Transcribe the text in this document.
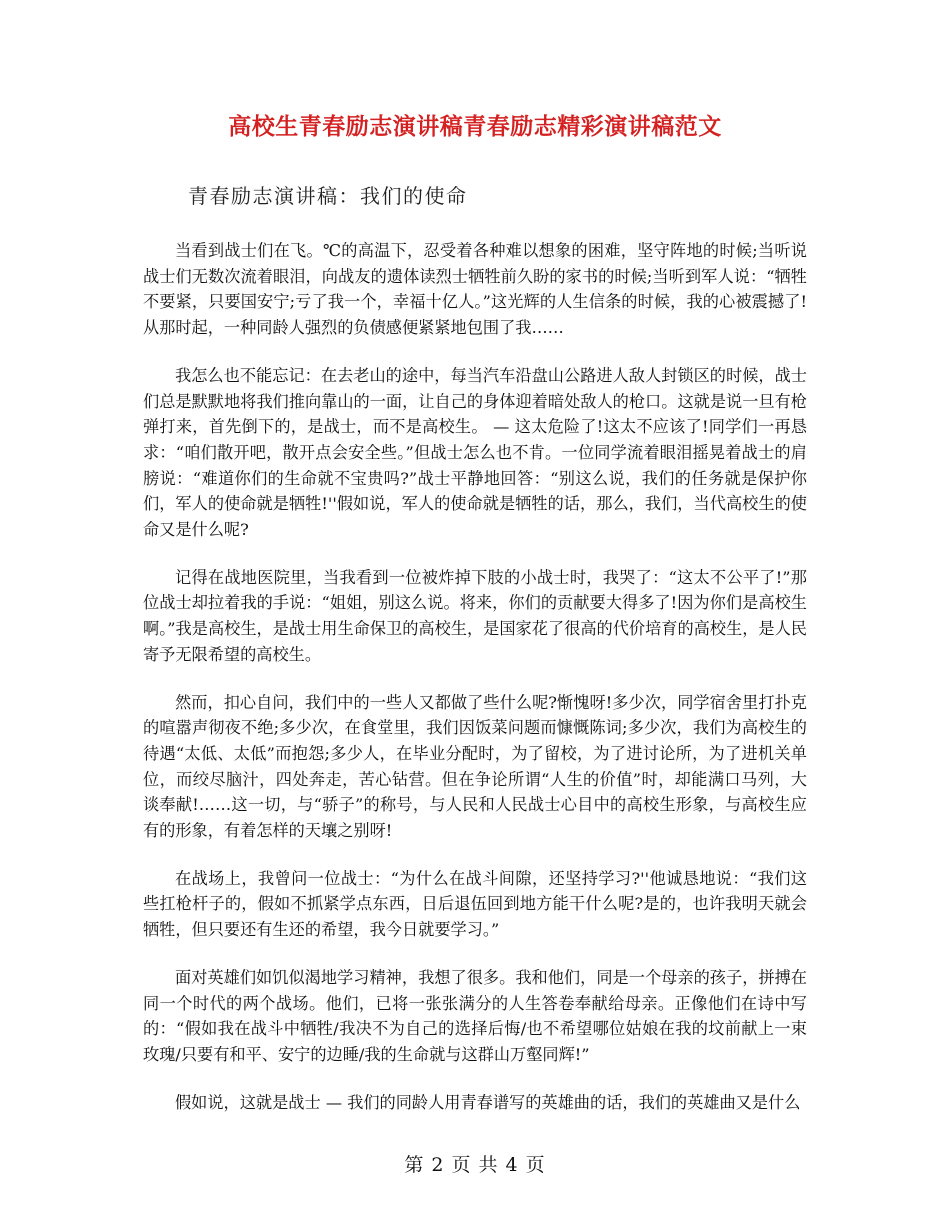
高校生青春励志演讲稿青春励志精彩演讲稿范文
青春励志演讲稿：我们的使命

当看到战士们在飞。℃的高温下，忍受着各种难以想象的困难，坚守阵地的时候;当听说战士们无数次流着眼泪，向战友的遗体读烈士牺牲前久盼的家书的时候;当听到军人说：“牺牲不要紧，只要国安宁;亏了我一个，幸福十亿人。”这光辉的人生信条的时候，我的心被震撼了!从那时起，一种同龄人强烈的负债感便紧紧地包围了我……

我怎么也不能忘记：在去老山的途中，每当汽车沿盘山公路进人敌人封锁区的时候，战士们总是默默地将我们推向靠山的一面，让自己的身体迎着暗处敌人的枪口。这就是说一旦有枪弹打来，首先倒下的，是战士，而不是高校生。 — 这太危险了!这太不应该了!同学们一再恳求：“咱们散开吧，散开点会安全些。”但战士怎么也不肯。一位同学流着眼泪摇晃着战士的肩膀说：“难道你们的生命就不宝贵吗?”战士平静地回答：“别这么说，我们的任务就是保护你们，军人的使命就是牺牲!''假如说，军人的使命就是牺牲的话，那么，我们，当代高校生的使命又是什么呢?

记得在战地医院里，当我看到一位被炸掉下肢的小战士时，我哭了：“这太不公平了!”那位战士却拉着我的手说：“姐姐，别这么说。将来，你们的贡献要大得多了!因为你们是高校生啊。”我是高校生，是战士用生命保卫的高校生，是国家花了很高的代价培育的高校生，是人民寄予无限希望的高校生。

然而，扣心自问，我们中的一些人又都做了些什么呢?惭愧呀!多少次，同学宿舍里打扑克的喧嚣声彻夜不绝;多少次，在食堂里，我们因饭菜问题而慷慨陈词;多少次，我们为高校生的待遇“太低、太低”而抱怨;多少人，在毕业分配时，为了留校，为了进讨论所，为了进机关单位，而绞尽脑汁，四处奔走，苦心钻营。但在争论所谓“人生的价值”时，却能满口马列，大谈奉献!……这一切，与“骄子”的称号，与人民和人民战士心目中的高校生形象，与高校生应有的形象，有着怎样的天壤之别呀!

在战场上，我曾问一位战士：“为什么在战斗间隙，还坚持学习?''他诚恳地说：“我们这些扛枪杆子的，假如不抓紧学点东西，日后退伍回到地方能干什么呢?是的，也许我明天就会牺牲，但只要还有生还的希望，我今日就要学习。”

面对英雄们如饥似渴地学习精神，我想了很多。我和他们，同是一个母亲的孩子，拼搏在同一个时代的两个战场。他们，已将一张张满分的人生答卷奉献给母亲。正像他们在诗中写的：“假如我在战斗中牺牲/我决不为自己的选择后悔/也不希望哪位姑娘在我的坟前献上一束玫瑰/只要有和平、安宁的边睡/我的生命就与这群山万壑同辉!”

假如说，这就是战士 — 我们的同龄人用青春谱写的英雄曲的话，我们的英雄曲又是什么

第 2 页 共 4 页
